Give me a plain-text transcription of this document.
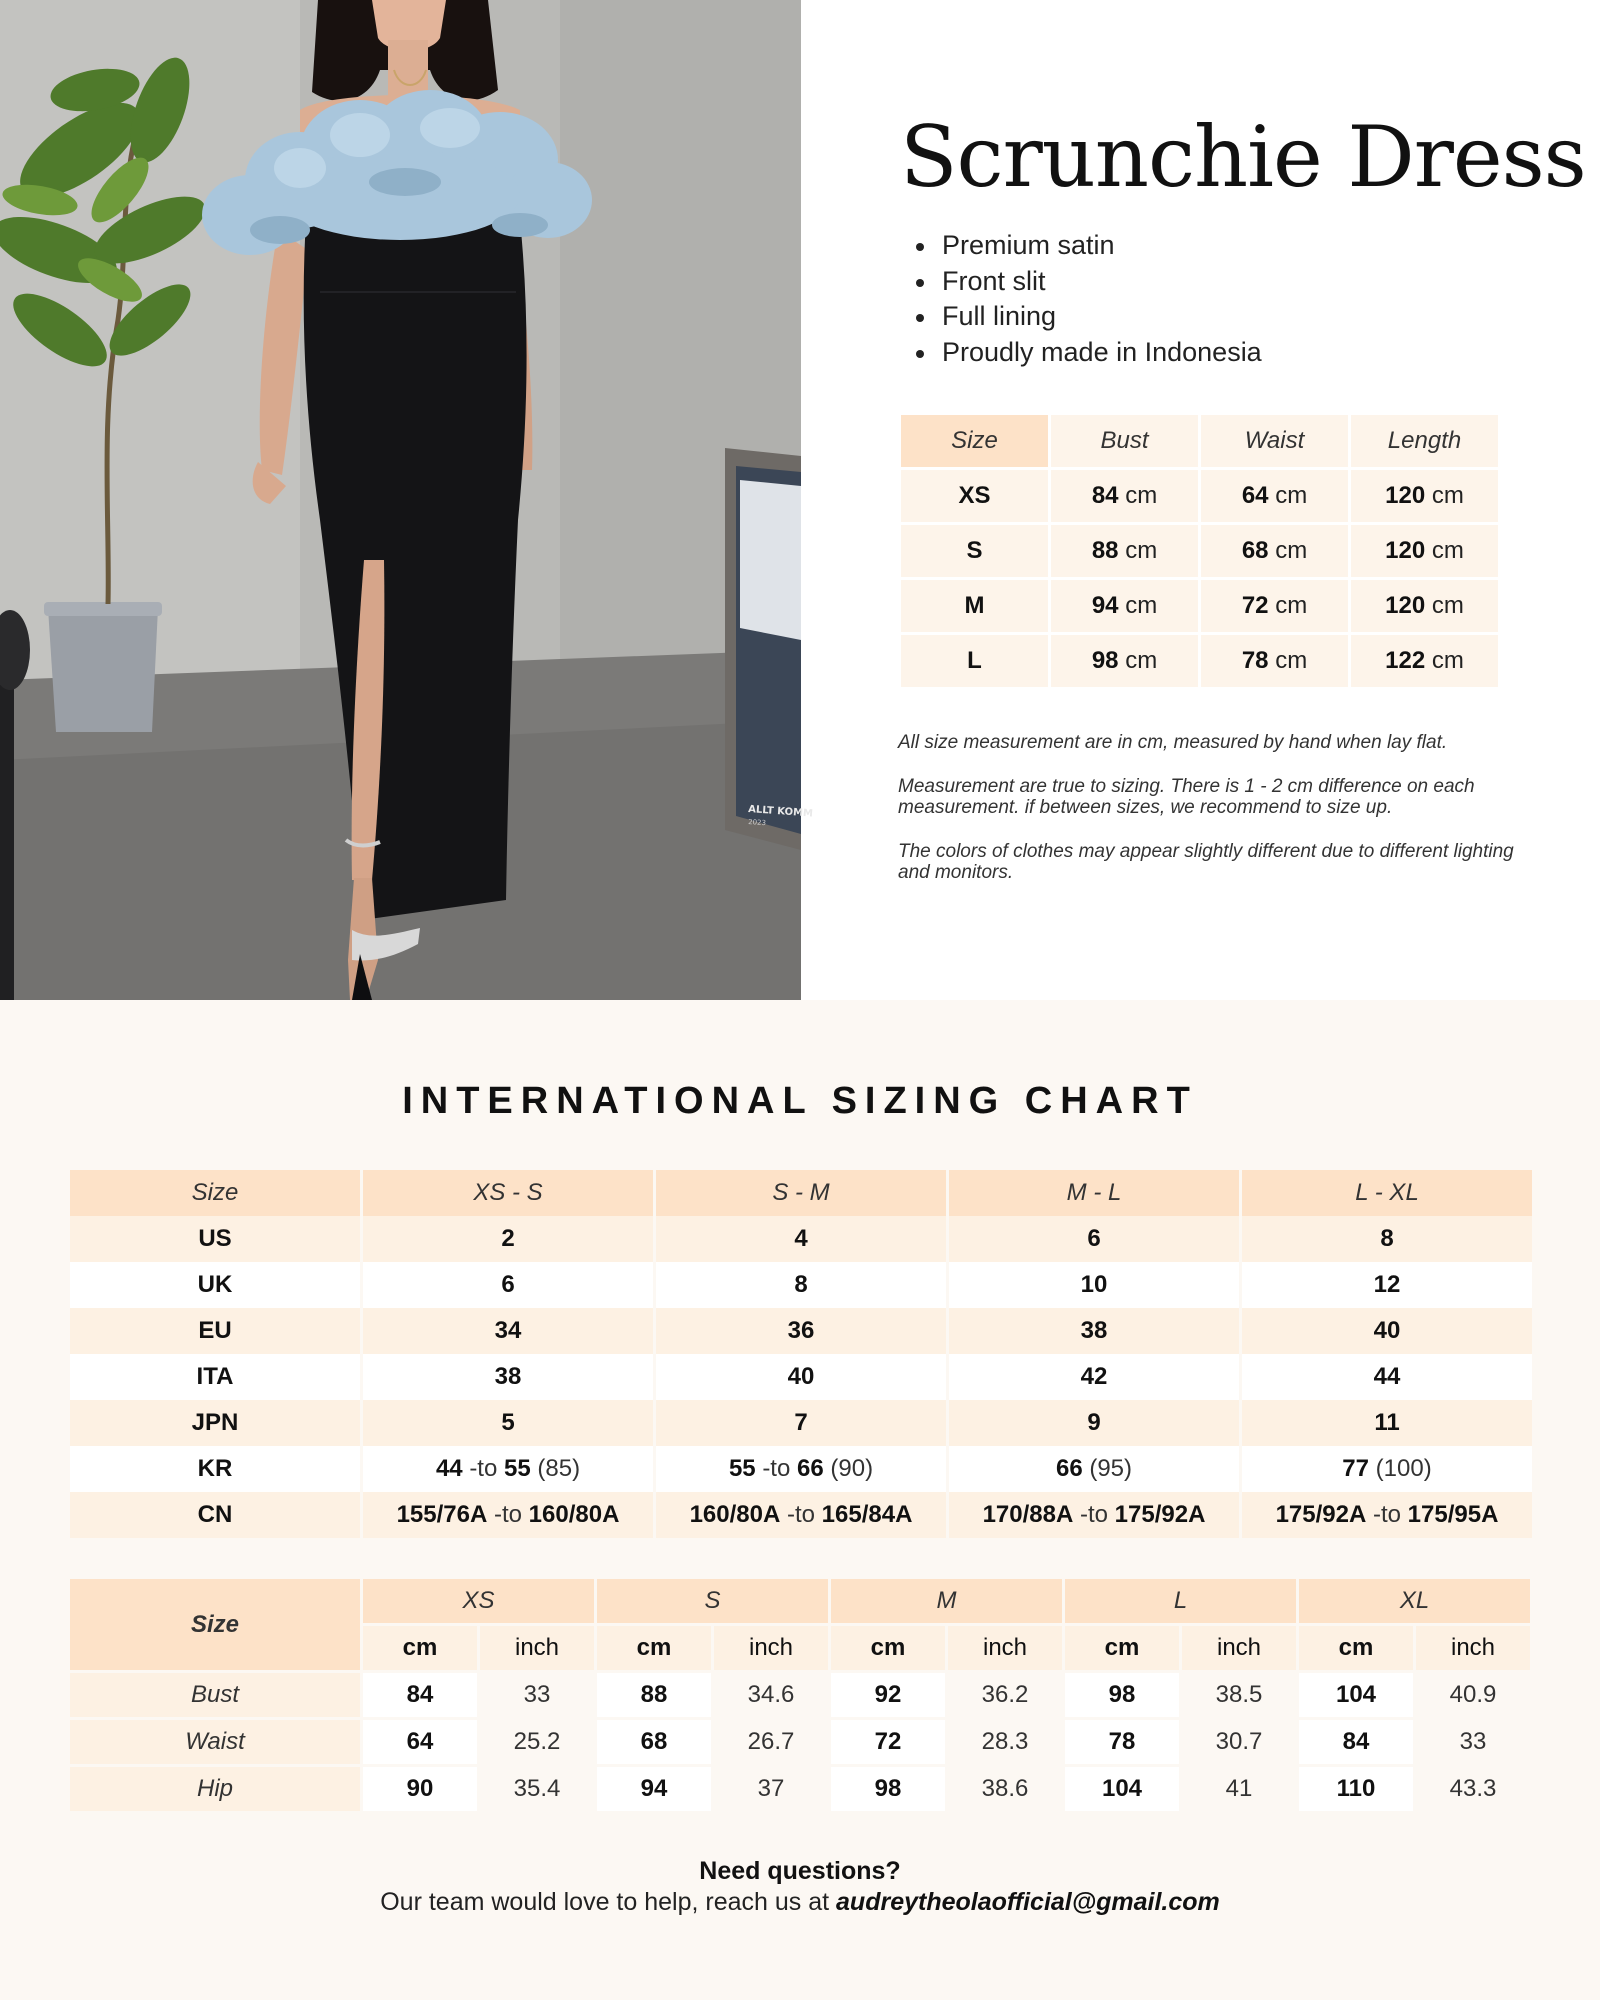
ALLT KOMM
2023
Scrunchie Dress
Premium satin
Front slit
Full lining
Proudly made in Indonesia
Size	Bust	Waist	Length
XS	84 cm	64 cm	120 cm
S	88 cm	68 cm	120 cm
M	94 cm	72 cm	120 cm
L	98 cm	78 cm	122 cm

All size measurement are in cm, measured by hand when lay flat.

Measurement are true to sizing. There is 1 - 2 cm difference on each measurement. if between sizes, we recommend to size up.

The colors of clothes may appear slightly different due to different lighting and monitors.

INTERNATIONAL SIZING CHART
Size	XS - S	S - M	M - L	L - XL
US	2	4	6	8
UK	6	8	10	12
EU	34	36	38	40
ITA	38	40	42	44
JPN	5	7	9	11
KR	44 -to 55 (85)	55 -to 66 (90)	66 (95)	77 (100)
CN	155/76A -to 160/80A	160/80A -to 165/84A	170/88A -to 175/92A	175/92A -to 175/95A
Size	XS		S		M		L		XL	
	cm	inch	cm	inch	cm	inch	cm	inch	cm	inch
Bust	84	33	88	34.6	92	36.2	98	38.5	104	40.9
Waist	64	25.2	68	26.7	72	28.3	78	30.7	84	33
Hip	90	35.4	94	37	98	38.6	104	41	110	43.3
Need questions?
Our team would love to help, reach us at audreytheolaofficial@gmail.com
